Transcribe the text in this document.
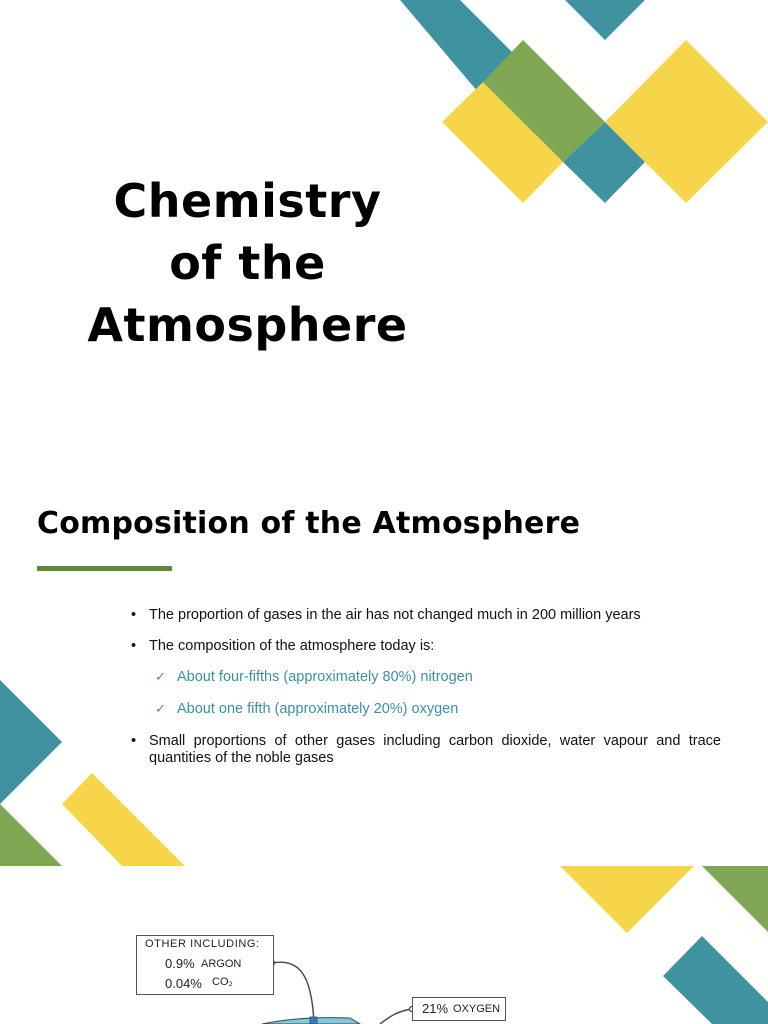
Chemistry
of the
Atmosphere
Composition of the Atmosphere
• The proportion of gases in the air has not changed much in 200 million years
• The composition of the atmosphere today is:
✓ About four-fifths (approximately 80%) nitrogen
✓ About one fifth (approximately 20%) oxygen
• Small proportions of other gases including carbon dioxide, water vapour and trace quantities of the noble gases
OTHER INCLUDING:
0.9% ARGON
0.04% CO₂
21% OXYGEN
